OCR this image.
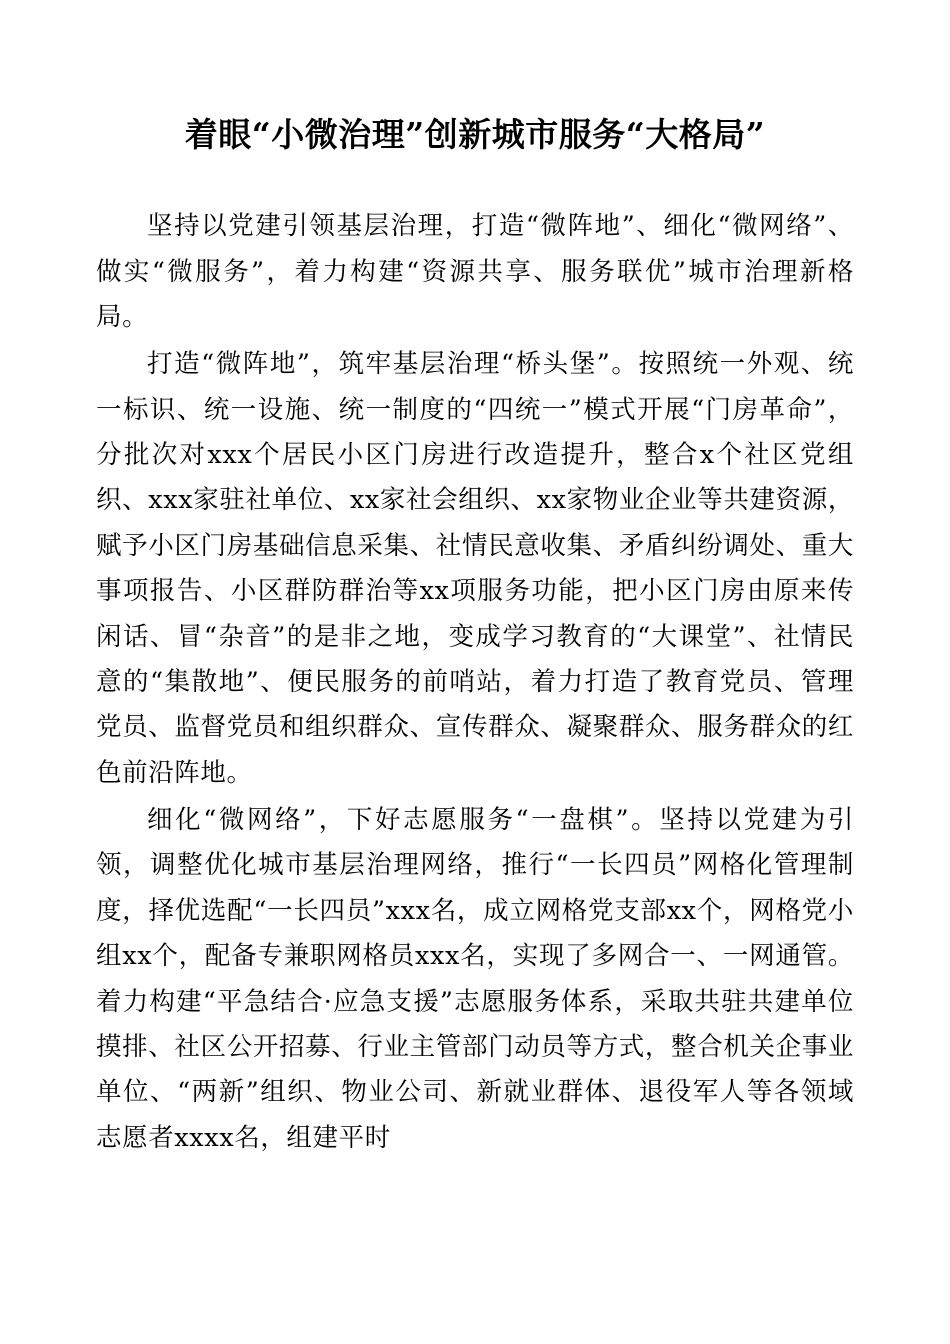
着眼“小微治理”创新城市服务“大格局”

坚持以党建引领基层治理，打造“微阵地”、细化“微网络”、做实“微服务”，着力构建“资源共享、服务联优”城市治理新格局。

打造“微阵地”，筑牢基层治理“桥头堡”。按照统一外观、统一标识、统一设施、统一制度的“四统一”模式开展“门房革命”，分批次对xxx个居民小区门房进行改造提升，整合x个社区党组织、xxx家驻社单位、xx家社会组织、xx家物业企业等共建资源，赋予小区门房基础信息采集、社情民意收集、矛盾纠纷调处、重大事项报告、小区群防群治等xx项服务功能，把小区门房由原来传闲话、冒“杂音”的是非之地，变成学习教育的“大课堂”、社情民意的“集散地”、便民服务的前哨站，着力打造了教育党员、管理党员、监督党员和组织群众、宣传群众、凝聚群众、服务群众的红色前沿阵地。

细化“微网络”，下好志愿服务“一盘棋”。坚持以党建为引领，调整优化城市基层治理网络，推行“一长四员”网格化管理制度，择优选配“一长四员”xxx名，成立网格党支部xx个，网格党小组xx个，配备专兼职网格员xxx名，实现了多网合一、一网通管。着力构建“平急结合·应急支援”志愿服务体系，采取共驻共建单位摸排、社区公开招募、行业主管部门动员等方式，整合机关企事业单位、“两新”组织、物业公司、新就业群体、退役军人等各领域志愿者xxxx名，组建平时
